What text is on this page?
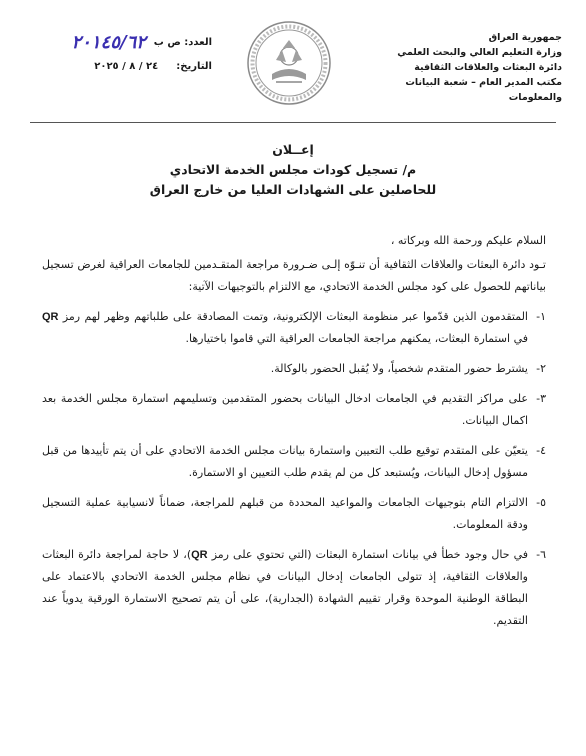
جمهورية العراق
وزارة التعليم العالي والبحث العلمي
دائرة البعثات والعلاقات الثقافية
مكتب المدير العام – شعبة البيانات والمعلومات
العدد: ص ب
٢٠١٤٥/٦٢
التاريخ:
٢٤ / ٨ / ٢٠٢٥
إعــلان
م/ تسجيل كودات مجلس الخدمة الاتحادي
للحاصلين على الشهادات العليا من خارج العراق

السلام عليكم ورحمة الله وبركاته ،

تـود دائرة البعثات والعلاقات الثقافية أن تنـوّه إلـى ضـرورة مراجعة المتقـدمين للجامعات العراقية لغرض تسجيل بياناتهم للحصول على كود مجلس الخدمة الاتحادي، مع الالتزام بالتوجيهات الآتية:

١-
المتقدمون الذين قدّموا عبر منظومة البعثات الإلكترونية، وتمت المصادقة على طلباتهم وظهر لهم رمز QR في استمارة البعثات، يمكنهم مراجعة الجامعات العراقية التي قاموا باختيارها.
٢-
يشترط حضور المتقدم شخصياً، ولا يُقبل الحضور بالوكالة.
٣-
على مراكز التقديم في الجامعات ادخال البيانات بحضور المتقدمين وتسليمهم استمارة مجلس الخدمة بعد اكمال البيانات.
٤-
يتعيّن على المتقدم توقيع طلب التعيين واستمارة بيانات مجلس الخدمة الاتحادي على أن يتم تأييدها من قبل مسؤول إدخال البيانات، ويُستبعد كل من لم يقدم طلب التعيين او الاستمارة.
٥-
الالتزام التام بتوجيهات الجامعات والمواعيد المحددة من قبلهم للمراجعة، ضماناً لانسيابية عملية التسجيل ودقة المعلومات.
٦-
في حال وجود خطأ في بيانات استمارة البعثات (التي تحتوي على رمز QR)، لا حاجة لمراجعة دائرة البعثات والعلاقات الثقافية، إذ تتولى الجامعات إدخال البيانات في نظام مجلس الخدمة الاتحادي بالاعتماد على البطاقة الوطنية الموحدة وقرار تقييم الشهادة (الجدارية)، على أن يتم تصحيح الاستمارة الورقية يدوياً عند التقديم.
